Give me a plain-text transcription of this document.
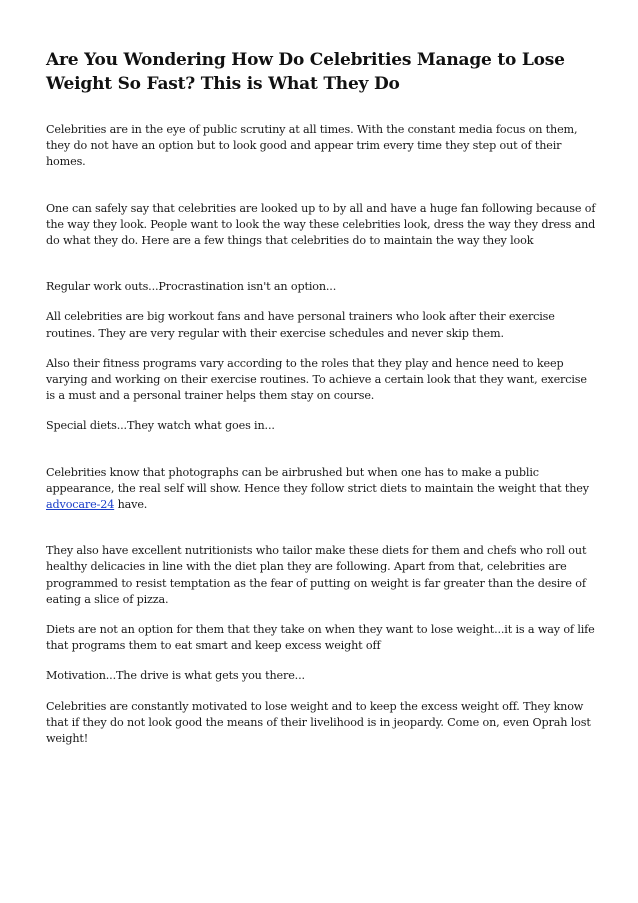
Are You Wondering How Do Celebrities Manage to Lose Weight So Fast? This is What They Do

Celebrities are in the eye of public scrutiny at all times. With the constant media focus on them, they do not have an option but to look good and appear trim every time they step out of their homes.

One can safely say that celebrities are looked up to by all and have a huge fan following because of the way they look. People want to look the way these celebrities look, dress the way they dress and do what they do. Here are a few things that celebrities do to maintain the way they look

Regular work outs...Procrastination isn't an option...

All celebrities are big workout fans and have personal trainers who look after their exercise routines. They are very regular with their exercise schedules and never skip them.

Also their fitness programs vary according to the roles that they play and hence need to keep varying and working on their exercise routines. To achieve a certain look that they want, exercise is a must and a personal trainer helps them stay on course.

Special diets...They watch what goes in...

Celebrities know that photographs can be airbrushed but when one has to make a public appearance, the real self will show. Hence they follow strict diets to maintain the weight that they advocare-24 have.

They also have excellent nutritionists who tailor make these diets for them and chefs who roll out healthy delicacies in line with the diet plan they are following. Apart from that, celebrities are programmed to resist temptation as the fear of putting on weight is far greater than the desire of eating a slice of pizza.

Diets are not an option for them that they take on when they want to lose weight...it is a way of life that programs them to eat smart and keep excess weight off

Motivation...The drive is what gets you there...

Celebrities are constantly motivated to lose weight and to keep the excess weight off. They know that if they do not look good the means of their livelihood is in jeopardy. Come on, even Oprah lost weight!
